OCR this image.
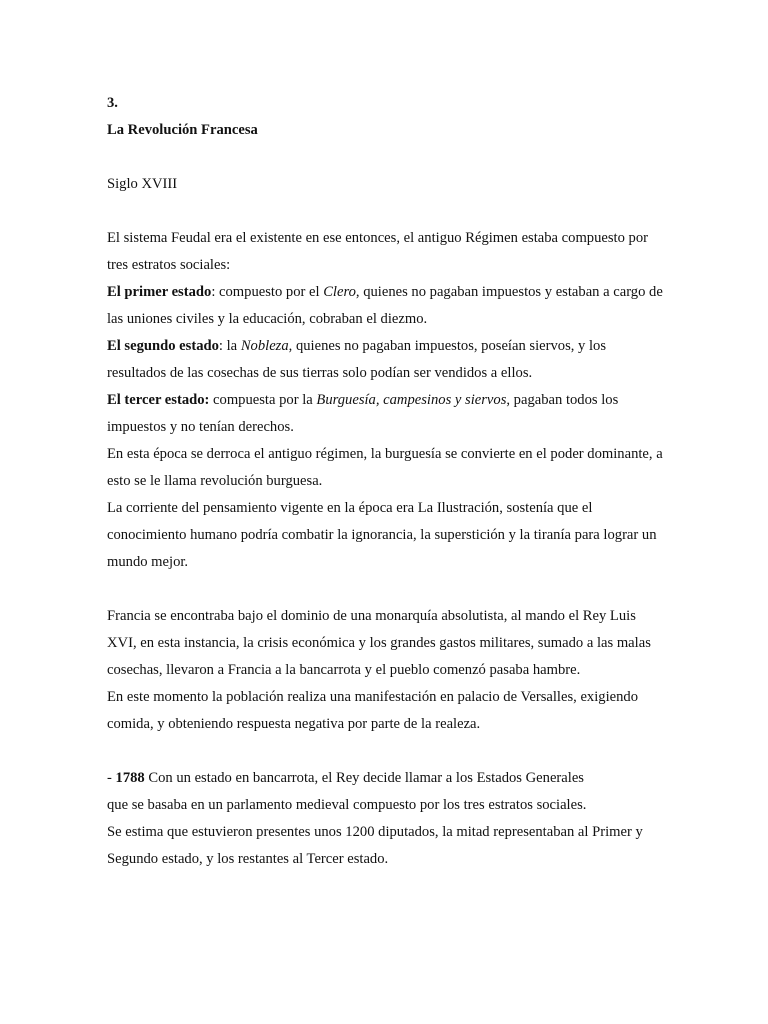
3.

La Revolución Francesa

Siglo XVIII

El sistema Feudal era el existente en ese entonces, el antiguo Régimen estaba compuesto por tres estratos sociales:

El primer estado: compuesto por el Clero, quienes no pagaban impuestos y estaban a cargo de las uniones civiles y la educación, cobraban el diezmo.

El segundo estado: la Nobleza, quienes no pagaban impuestos, poseían siervos, y los resultados de las cosechas de sus tierras solo podían ser vendidos a ellos.

El tercer estado: compuesta por la Burguesía, campesinos y siervos, pagaban todos los impuestos y no tenían derechos.

En esta época se derroca el antiguo régimen, la burguesía se convierte en el poder dominante, a esto se le llama revolución burguesa.

La corriente del pensamiento vigente en la época era La Ilustración, sostenía que el conocimiento humano podría combatir la ignorancia, la superstición y la tiranía para lograr un mundo mejor.

Francia se encontraba bajo el dominio de una monarquía absolutista, al mando el Rey Luis XVI, en esta instancia, la crisis económica y los grandes gastos militares, sumado a las malas cosechas, llevaron a Francia a la bancarrota y el pueblo comenzó pasaba hambre.

En este momento la población realiza una manifestación en palacio de Versalles, exigiendo comida, y obteniendo respuesta negativa por parte de la realeza.

- 1788 Con un estado en bancarrota, el Rey decide llamar a los Estados Generales
que se basaba en un parlamento medieval compuesto por los tres estratos sociales.

Se estima que estuvieron presentes unos 1200 diputados, la mitad representaban al Primer y Segundo estado, y los restantes al Tercer estado.
